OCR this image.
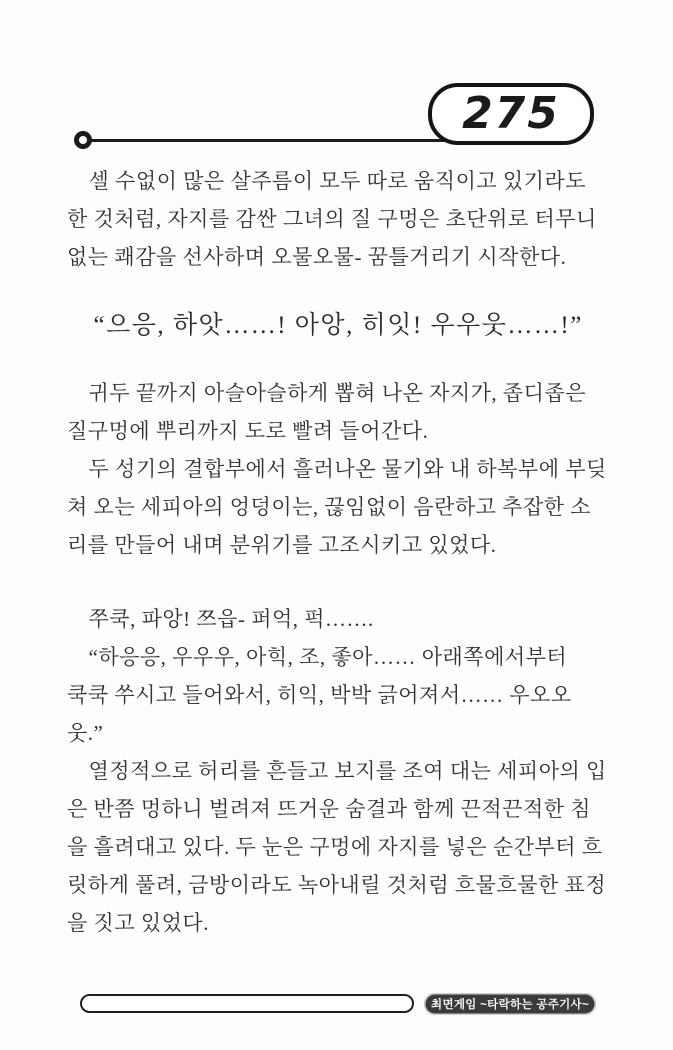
275
　셀 수없이 많은 살주름이 모두 따로 움직이고 있기라도
한 것처럼, 자지를 감싼 그녀의 질 구멍은 초단위로 터무니
없는 쾌감을 선사하며 오물오물- 꿈틀거리기 시작한다.
　“으응, 하앗……! 아앙, 히잇! 우우웃……!”
　귀두 끝까지 아슬아슬하게 뽑혀 나온 자지가, 좁디좁은
질구멍에 뿌리까지 도로 빨려 들어간다.
　두 성기의 결합부에서 흘러나온 물기와 내 하복부에 부딪
쳐 오는 세피아의 엉덩이는, 끊임없이 음란하고 추잡한 소
리를 만들어 내며 분위기를 고조시키고 있었다.
　쭈쿡, 파앙! 쯔읍- 퍼억, 퍽…….
　“하응응, 우우우, 아힉, 조, 좋아…… 아래쪽에서부터
쿡쿡 쑤시고 들어와서, 히익, 박박 긁어져서…… 우오오
웃.”
　열정적으로 허리를 흔들고 보지를 조여 대는 세피아의 입
은 반쯤 멍하니 벌려져 뜨거운 숨결과 함께 끈적끈적한 침
을 흘려대고 있다. 두 눈은 구멍에 자지를 넣은 순간부터 흐
릿하게 풀려, 금방이라도 녹아내릴 것처럼 흐물흐물한 표정
을 짓고 있었다.
최면게임 ~타락하는 공주기사~
